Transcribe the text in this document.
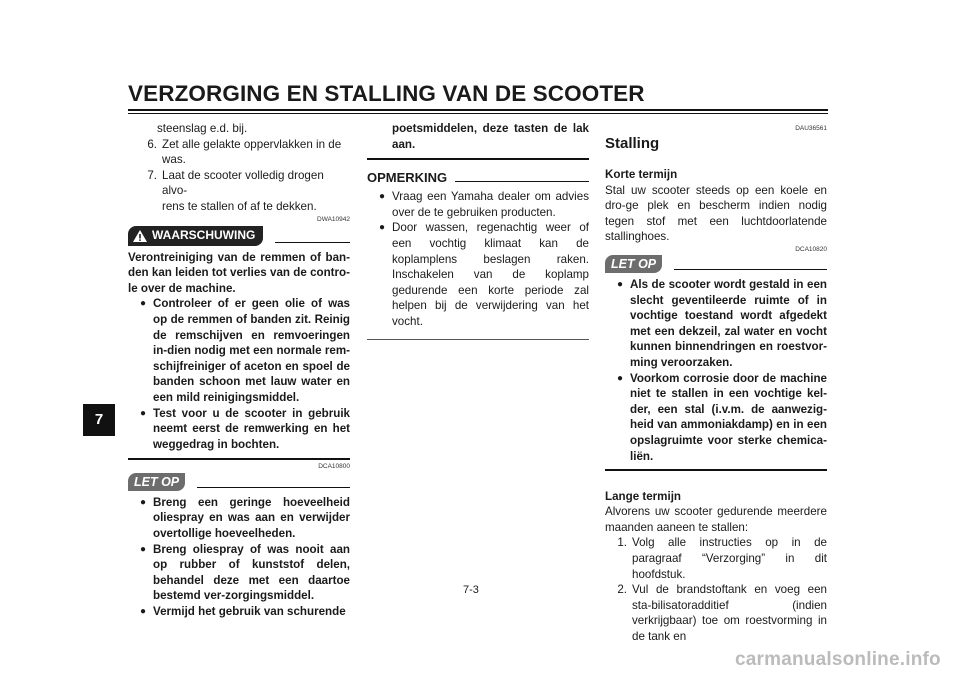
VERZORGING EN STALLING VAN DE SCOOTER
7
steenslag e.d. bij.
6. Zet alle gelakte oppervlakken in de
was.
7. Laat de scooter volledig drogen alvo-
rens te stallen of af te dekken.
DWA10942
WAARSCHUWING
Verontreiniging van de remmen of ban-den kan leiden tot verlies van de contro-le over de machine.
● Controleer of er geen olie of was op de remmen of banden zit. Reinig de remschijven en remvoeringen in-dien nodig met een normale rem-schijfreiniger of aceton en spoel de banden schoon met lauw water en een mild reinigingsmiddel.
● Test voor u de scooter in gebruik neemt eerst de remwerking en het weggedrag in bochten.
DCA10800
LET OP
● Breng een geringe hoeveelheid oliespray en was aan en verwijder overtollige hoeveelheden.
● Breng oliespray of was nooit aan op rubber of kunststof delen, behandel deze met een daartoe bestemd ver-zorgingsmiddel.
● Vermijd het gebruik van schurende
poetsmiddelen, deze tasten de lak aan.
OPMERKING
● Vraag een Yamaha dealer om advies over de te gebruiken producten.
● Door wassen, regenachtig weer of een vochtig klimaat kan de koplamplens beslagen raken. Inschakelen van de koplamp gedurende een korte periode zal helpen bij de verwijdering van het vocht.
DAU36561
Stalling
Korte termijn
Stal uw scooter steeds op een koele en dro-ge plek en bescherm indien nodig tegen stof met een luchtdoorlatende stallinghoes.
DCA10820
LET OP
● Als de scooter wordt gestald in een slecht geventileerde ruimte of in vochtige toestand wordt afgedekt met een dekzeil, zal water en vocht kunnen binnendringen en roestvor-ming veroorzaken.
● Voorkom corrosie door de machine niet te stallen in een vochtige kel-der, een stal (i.v.m. de aanwezig-heid van ammoniakdamp) en in een opslagruimte voor sterke chemica-liën.
Lange termijn
Alvorens uw scooter gedurende meerdere maanden aaneen te stallen:
1. Volg alle instructies op in de paragraaf “Verzorging” in dit hoofdstuk.
2. Vul de brandstoftank en voeg een sta-bilisatoradditief (indien verkrijgbaar) toe om roestvorming in de tank en
7-3
carmanualsonline.info
